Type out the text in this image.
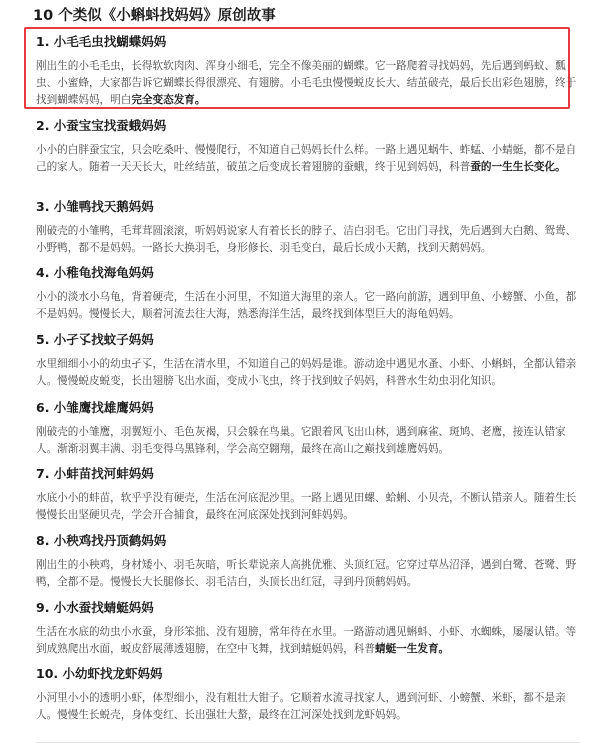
10 个类似《小蝌蚪找妈妈》原创故事
1. 小毛毛虫找蝴蝶妈妈
刚出生的小毛毛虫，长得软软肉肉、浑身小细毛，完全不像美丽的蝴蝶。它一路爬着寻找妈妈，先后遇到蚂蚁、瓢虫、小蜜蜂，大家都告诉它蝴蝶长得很漂亮、有翅膀。小毛毛虫慢慢蜕皮长大、结茧破壳，最后长出彩色翅膀，终于找到蝴蝶妈妈，明白完全变态发育。
2. 小蚕宝宝找蚕蛾妈妈
小小的白胖蚕宝宝，只会吃桑叶、慢慢爬行，不知道自己妈妈长什么样。一路上遇见蜗牛、蚱蜢、小蜻蜓，都不是自己的家人。随着一天天长大，吐丝结茧，破茧之后变成长着翅膀的蚕蛾，终于见到妈妈，科普蚕的一生生长变化。
3. 小雏鸭找天鹅妈妈
刚破壳的小雏鸭，毛茸茸圆滚滚，听妈妈说家人有着长长的脖子、洁白羽毛。它出门寻找，先后遇到大白鹅、鸳鸯、小野鸭，都不是妈妈。一路长大换羽毛，身形修长、羽毛变白，最后长成小天鹅，找到天鹅妈妈。
4. 小稚龟找海龟妈妈
小小的淡水小乌龟，背着硬壳，生活在小河里，不知道大海里的亲人。它一路向前游，遇到甲鱼、小螃蟹、小鱼，都不是妈妈。慢慢长大，顺着河流去往大海，熟悉海洋生活，最终找到体型巨大的海龟妈妈。
5. 小孑孓找蚊子妈妈
水里细细小小的幼虫孑孓，生活在清水里，不知道自己的妈妈是谁。游动途中遇见水蚤、小虾、小蝌蚪，全都认错亲人。慢慢蜕皮蜕变，长出翅膀飞出水面，变成小飞虫，终于找到蚊子妈妈，科普水生幼虫羽化知识。
6. 小雏鹰找雄鹰妈妈
刚破壳的小雏鹰，羽翼短小、毛色灰褐，只会躲在鸟巢。它跟着风飞出山林，遇到麻雀、斑鸠、老鹰，接连认错家人。渐渐羽翼丰满、羽毛变得乌黑锋利，学会高空翱翔，最终在高山之巅找到雄鹰妈妈。
7. 小蚌苗找河蚌妈妈
水底小小的蚌苗，软乎乎没有硬壳，生活在河底泥沙里。一路上遇见田螺、蛤蜊、小贝壳，不断认错亲人。随着生长慢慢长出坚硬贝壳，学会开合捕食，最终在河底深处找到河蚌妈妈。
8. 小秧鸡找丹顶鹤妈妈
刚出生的小秧鸡，身材矮小、羽毛灰暗，听长辈说亲人高挑优雅、头顶红冠。它穿过草丛沼泽，遇到白鹭、苍鹭、野鸭，全都不是。慢慢长大长腿修长、羽毛洁白，头顶长出红冠，寻到丹顶鹤妈妈。
9. 小水蚕找蜻蜓妈妈
生活在水底的幼虫小水蚕，身形笨拙、没有翅膀，常年待在水里。一路游动遇见蝌蚪、小虾、水蜘蛛，屡屡认错。等到成熟爬出水面，蜕皮舒展薄透翅膀，在空中飞舞，找到蜻蜓妈妈，科普蜻蜓一生发育。
10. 小幼虾找龙虾妈妈
小河里小小的透明小虾，体型细小，没有粗壮大钳子。它顺着水流寻找家人，遇到河虾、小螃蟹、米虾，都不是亲人。慢慢生长蜕壳，身体变红、长出强壮大螯，最终在江河深处找到龙虾妈妈。
